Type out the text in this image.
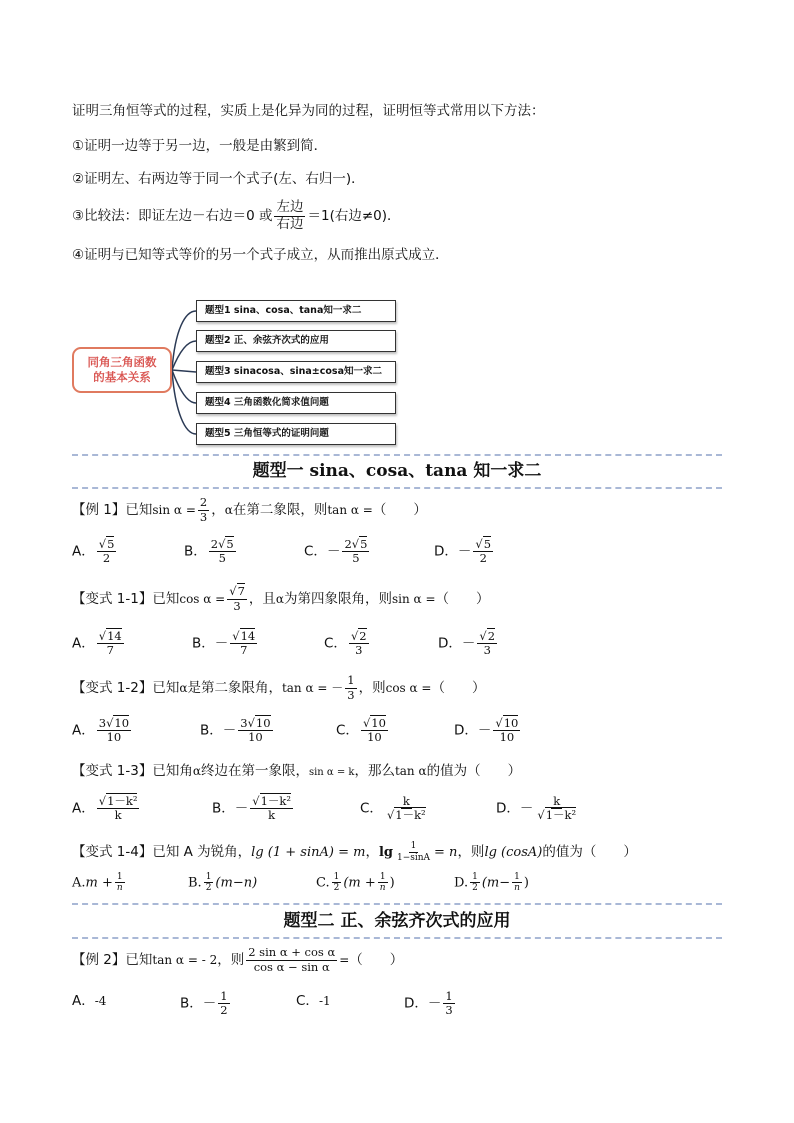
证明三角恒等式的过程，实质上是化异为同的过程，证明恒等式常用以下方法：
①证明一边等于另一边，一般是由繁到简．
②证明左、右两边等于同一个式子(左、右归一)．
③比较法：即证左边－右边＝0 或 $\frac{\text{左边}}{\text{右边}} =1$(右边≠0)．
④证明与已知等式等价的另一个式子成立，从而推出原式成立．
同角三角函数
的基本关系
题型1 sina、cosa、tana知一求二
题型2 正、余弦齐次式的应用
题型3 sinacosa、sina±cosa知一求二
题型4 三角函数化简求值问题
题型5 三角恒等式的证明问题
题型一 sina、cosa、tana 知一求二
【例 1】已知$\sin \alpha = \frac{2}{3}$ ，α在第二象限，则tan α =（　　）
A． $\frac{√5}{2}$	B． $\frac{2√5}{5}$	C．－ $\frac{2√5}{5}$	D．－ $\frac{√5}{2}$
【变式 1-1】已知$\cos \alpha = \frac{√7}{3}$ ，且α为第四象限角，则sin α =（　　）
A． $\frac{√14}{7}$	B．－ $\frac{√14}{7}$	C． $\frac{√2}{3}$	D．－ $\frac{√2}{3}$
【变式 1-2】已知α是第二象限角，tan α = － $\frac{1}{3}$ ，则cos α =（　　）
A． $\frac{3√10}{10}$	B．－ $\frac{3√10}{10}$	C． $\frac{√10}{10}$	D．－ $\frac{√10}{10}$
【变式 1-3】已知角α终边在第一象限，sin α = k，那么tan α的值为（　　）
A． $\frac{\text{√1－k²}}{k}$	B．－ $\frac{\text{√1－k²}}{k}$	C． $\frac{k}{\text{√1－k²}}$	D．－ $\frac{k}{\text{√1－k²}}$
【变式 1-4】已知 A 为锐角，lg (1 + sinA) = m，$\lg \frac{1}{1-\sin A} = n$，则lg (cosA)的值为（　　）
$A.m + \frac{1}{n}$	B. $\frac{1}{2} (m-n)$	C. $\frac{1}{2} (m + \frac{1}{n}$ )	D. $\frac{1}{2} (m- \frac{1}{n}$ )
题型二 正、余弦齐次式的应用
【例 2】已知tan α = - 2，则 $\frac{\text{2 sin α + cos α}}{\text{cos α − sin α}}$ =（　　）
A．-4	B．－ $\frac{1}{2}$	C．-1	D．－ $\frac{1}{3}$
